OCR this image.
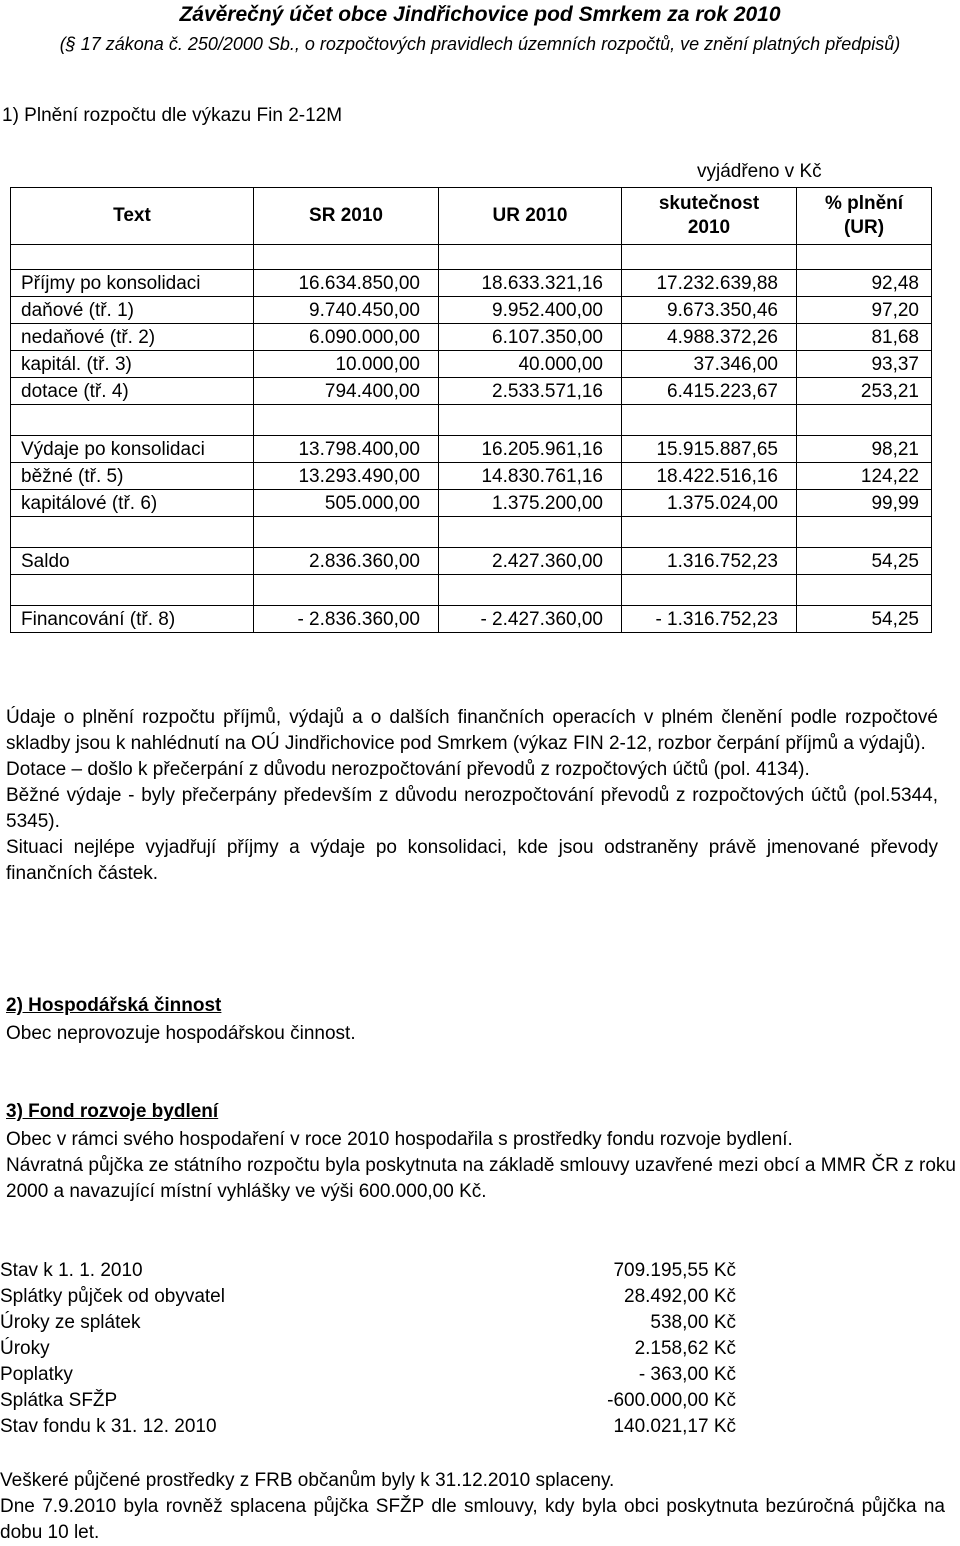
Závěrečný účet obce Jindřichovice pod Smrkem za rok 2010
(§ 17 zákona č. 250/2000 Sb., o rozpočtových pravidlech územních rozpočtů, ve znění platných předpisů)
1) Plnění rozpočtu dle výkazu Fin 2-12M
vyjádřeno v Kč
Text	SR 2010	UR 2010	skutečnost 2010	% plnění (UR)

Příjmy po konsolidaci	16.634.850,00	18.633.321,16	17.232.639,88	92,48
daňové (tř. 1)	9.740.450,00	9.952.400,00	9.673.350,46	97,20
nedaňové (tř. 2)	6.090.000,00	6.107.350,00	4.988.372,26	81,68
kapitál. (tř. 3)	10.000,00	40.000,00	37.346,00	93,37
dotace (tř. 4)	794.400,00	2.533.571,16	6.415.223,67	253,21

Výdaje po konsolidaci	13.798.400,00	16.205.961,16	15.915.887,65	98,21
běžné (tř. 5)	13.293.490,00	14.830.761,16	18.422.516,16	124,22
kapitálové (tř. 6)	505.000,00	1.375.200,00	1.375.024,00	99,99

Saldo	2.836.360,00	2.427.360,00	1.316.752,23	54,25

Financování (tř. 8)	- 2.836.360,00	- 2.427.360,00	- 1.316.752,23	54,25

Údaje o plnění rozpočtu příjmů, výdajů a o dalších finančních operacích v plném členění podle rozpočtové skladby jsou k nahlédnutí na OÚ Jindřichovice pod Smrkem (výkaz FIN 2-12, rozbor čerpání příjmů a výdajů).

Dotace – došlo k přečerpání z důvodu nerozpočtování převodů z rozpočtových účtů (pol. 4134).

Běžné výdaje - byly přečerpány především z důvodu nerozpočtování převodů z rozpočtových účtů (pol.5344, 5345).

Situaci nejlépe vyjadřují příjmy a výdaje po konsolidaci, kde jsou odstraněny právě jmenované převody finančních částek.

2) Hospodářská činnost
Obec neprovozuje hospodářskou činnost.
3) Fond rozvoje bydlení

Obec v rámci svého hospodaření v roce 2010 hospodařila s prostředky fondu rozvoje bydlení.

Návratná půjčka ze státního rozpočtu byla poskytnuta na základě smlouvy uzavřené mezi obcí a MMR ČR z roku 2000 a navazující místní vyhlášky ve výši 600.000,00 Kč.

Stav k 1. 1. 2010	709.195,55 Kč
Splátky půjček od obyvatel	28.492,00 Kč
Úroky ze splátek	538,00 Kč
Úroky	2.158,62 Kč
Poplatky	- 363,00 Kč
Splátka SFŽP	-600.000,00 Kč
Stav fondu k 31. 12. 2010	140.021,17 Kč
Veškeré půjčené prostředky z FRB občanům byly k 31.12.2010 splaceny.
Dne 7.9.2010 byla rovněž splacena půjčka SFŽP dle smlouvy, kdy byla obci poskytnuta bezúročná půjčka na dobu 10 let.
